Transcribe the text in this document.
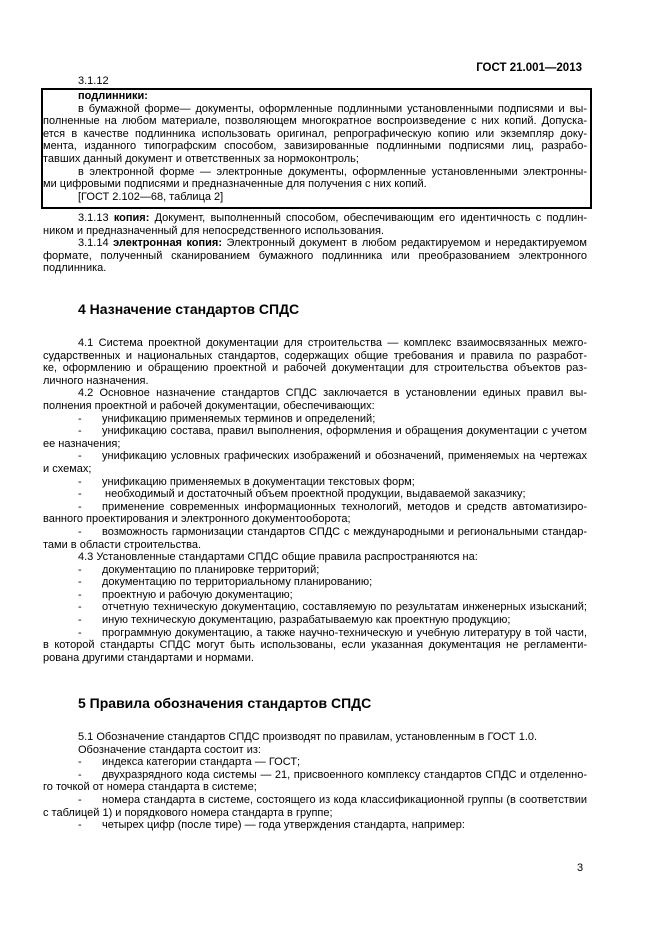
ГОСТ 21.001—2013
3.1.12
подлинники:
в бумажной форме— документы, оформленные подлинными установленными подписями и вы-
полненные на любом материале, позволяющем многократное воспроизведение с них копий. Допуска-
ется в качестве подлинника использовать оригинал, репрографическую копию или экземпляр доку-
мента, изданного типографским способом, завизированные подлинными подписями лиц, разрабо-
тавших данный документ и ответственных за нормоконтроль;
в электронной форме — электронные документы, оформленные установленными электронны-
ми цифровыми подписями и предназначенные для получения с них копий.
[ГОСТ 2.102—68, таблица 2]
3.1.13 копия: Документ, выполненный способом, обеспечивающим его идентичность с подлин-
ником и предназначенный для непосредственного использования.
3.1.14 электронная копия: Электронный документ в любом редактируемом и нередактируемом
формате, полученный сканированием бумажного подлинника или преобразованием электронного
подлинника.
4 Назначение стандартов СПДС
4.1 Система проектной документации для строительства — комплекс взаимосвязанных межго-
сударственных и национальных стандартов, содержащих общие требования и правила по разработ-
ке, оформлению и обращению проектной и рабочей документации для строительства объектов раз-
личного назначения.
4.2 Основное назначение стандартов СПДС заключается в установлении единых правил вы-
полнения проектной и рабочей документации, обеспечивающих:
- унификацию применяемых терминов и определений;
- унификацию состава, правил выполнения, оформления и обращения документации с учетом
ее назначения;
- унификацию условных графических изображений и обозначений, применяемых на чертежах
и схемах;
- унификацию применяемых в документации текстовых форм;
- необходимый и достаточный объем проектной продукции, выдаваемой заказчику;
- применение современных информационных технологий, методов и средств автоматизиро-
ванного проектирования и электронного документооборота;
- возможность гармонизации стандартов СПДС с международными и региональными стандар-
тами в области строительства.
4.3 Установленные стандартами СПДС общие правила распространяются на:
- документацию по планировке территорий;
- документацию по территориальному планированию;
- проектную и рабочую документацию;
- отчетную техническую документацию, составляемую по результатам инженерных изысканий;
- иную техническую документацию, разрабатываемую как проектную продукцию;
- программную документацию, а также научно-техническую и учебную литературу в той части,
в которой стандарты СПДС могут быть использованы, если указанная документация не регламенти-
рована другими стандартами и нормами.
5 Правила обозначения стандартов СПДС
5.1 Обозначение стандартов СПДС производят по правилам, установленным в ГОСТ 1.0.
Обозначение стандарта состоит из:
- индекса категории стандарта — ГОСТ;
- двухразрядного кода системы — 21, присвоенного комплексу стандартов СПДС и отделенно-
го точкой от номера стандарта в системе;
- номера стандарта в системе, состоящего из кода классификационной группы (в соответствии
с таблицей 1) и порядкового номера стандарта в группе;
- четырех цифр (после тире) — года утверждения стандарта, например:
3
